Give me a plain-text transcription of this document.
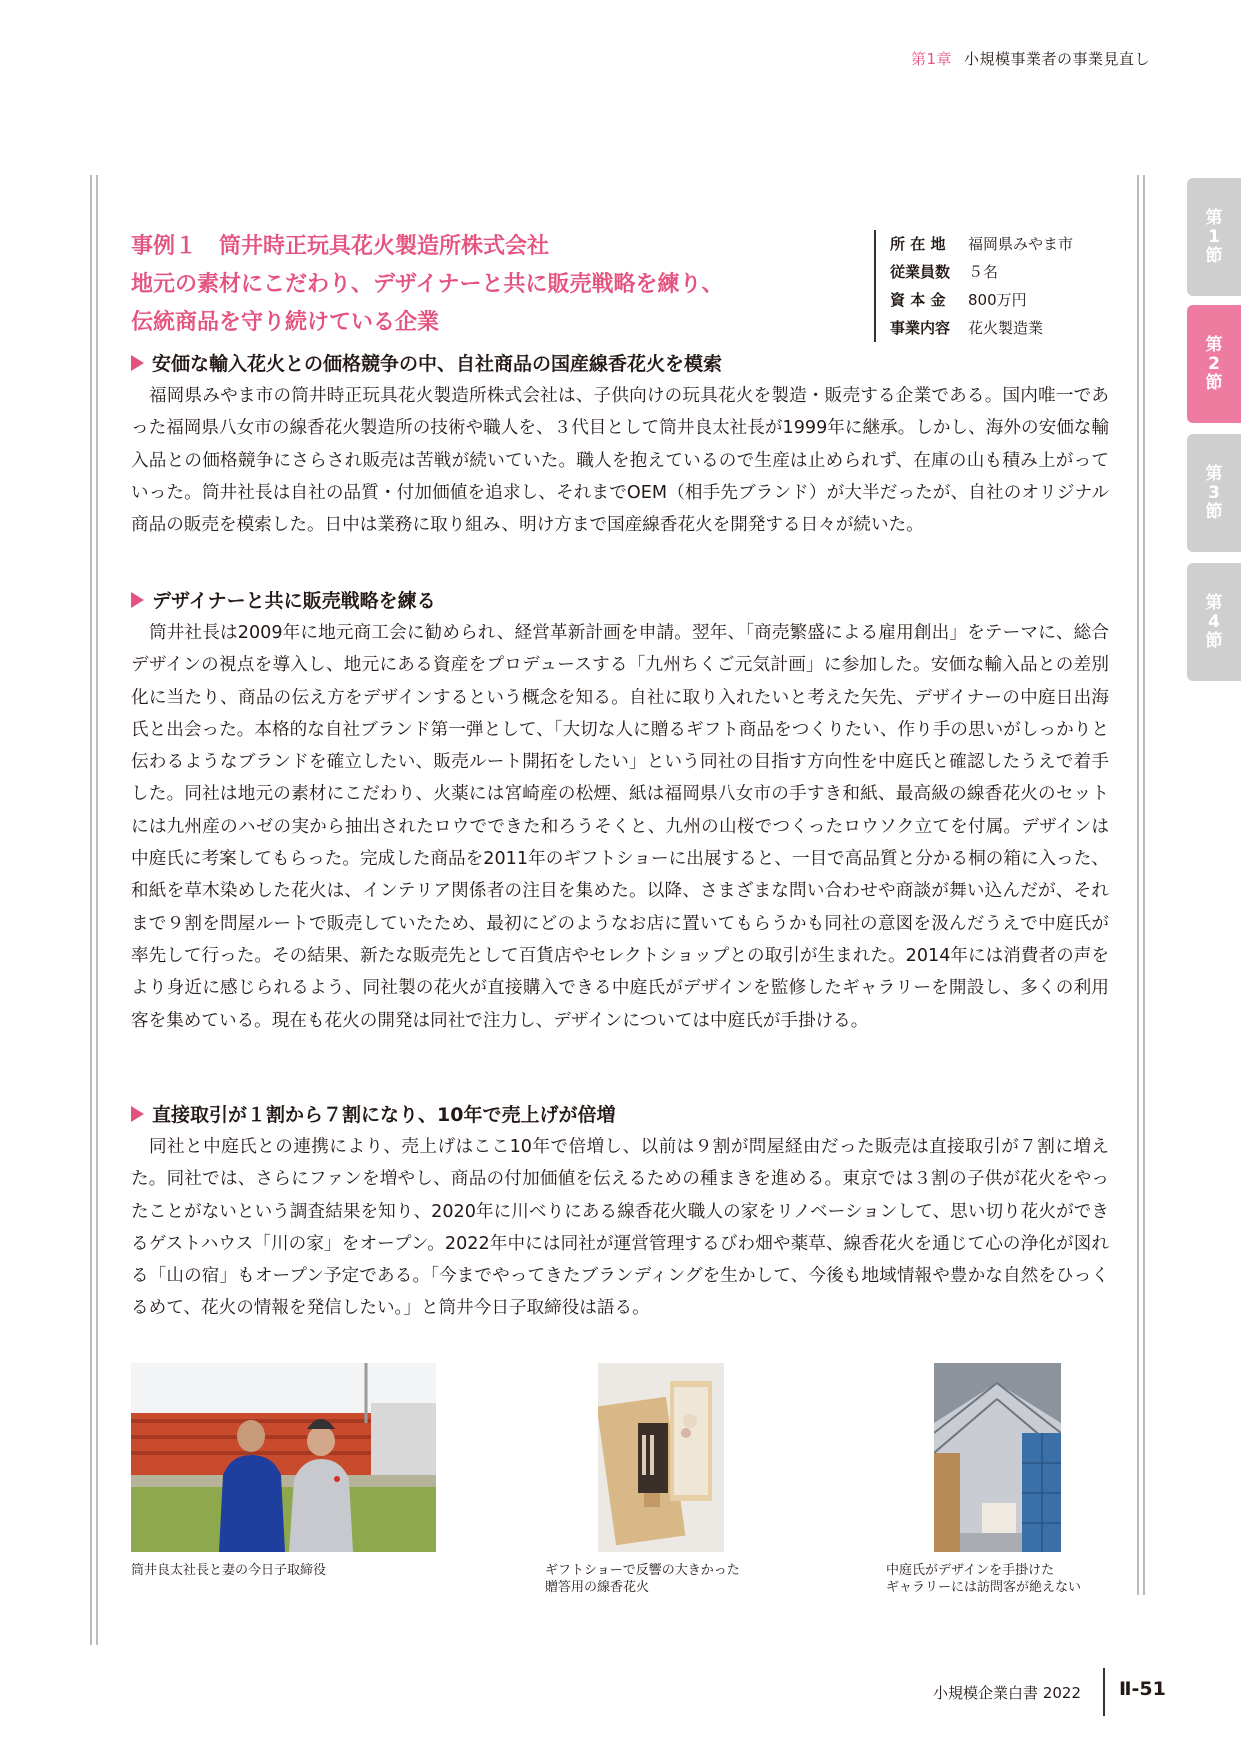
第1章 小規模事業者の事業見直し
第1節
第2節
第3節
第4節
事例１　筒井時正玩具花火製造所株式会社
地元の素材にこだわり、デザイナーと共に販売戦略を練り、
伝統商品を守り続けている企業
所 在 地 福岡県みやま市
従業員数 ５名
資 本 金 800万円
事業内容 花火製造業
安価な輸入花火との価格競争の中、自社商品の国産線香花火を模索
福岡県みやま市の筒井時正玩具花火製造所株式会社は、子供向けの玩具花火を製造・販売する企業である。国内唯一であった福岡県八女市の線香花火製造所の技術や職人を、３代目として筒井良太社長が1999年に継承。しかし、海外の安価な輸入品との価格競争にさらされ販売は苦戦が続いていた。職人を抱えているので生産は止められず、在庫の山も積み上がっていった。筒井社長は自社の品質・付加価値を追求し、それまでOEM（相手先ブランド）が大半だったが、自社のオリジナル商品の販売を模索した。日中は業務に取り組み、明け方まで国産線香花火を開発する日々が続いた。
デザイナーと共に販売戦略を練る
筒井社長は2009年に地元商工会に勧められ、経営革新計画を申請。翌年、「商売繁盛による雇用創出」をテーマに、総合デザインの視点を導入し、地元にある資産をプロデュースする「九州ちくご元気計画」に参加した。安価な輸入品との差別化に当たり、商品の伝え方をデザインするという概念を知る。自社に取り入れたいと考えた矢先、デザイナーの中庭日出海氏と出会った。本格的な自社ブランド第一弾として、「大切な人に贈るギフト商品をつくりたい、作り手の思いがしっかりと伝わるようなブランドを確立したい、販売ルート開拓をしたい」という同社の目指す方向性を中庭氏と確認したうえで着手した。同社は地元の素材にこだわり、火薬には宮崎産の松煙、紙は福岡県八女市の手すき和紙、最高級の線香花火のセットには九州産のハゼの実から抽出されたロウでできた和ろうそくと、九州の山桜でつくったロウソク立てを付属。デザインは中庭氏に考案してもらった。完成した商品を2011年のギフトショーに出展すると、一目で高品質と分かる桐の箱に入った、和紙を草木染めした花火は、インテリア関係者の注目を集めた。以降、さまざまな問い合わせや商談が舞い込んだが、それまで９割を問屋ルートで販売していたため、最初にどのようなお店に置いてもらうかも同社の意図を汲んだうえで中庭氏が率先して行った。その結果、新たな販売先として百貨店やセレクトショップとの取引が生まれた。2014年には消費者の声をより身近に感じられるよう、同社製の花火が直接購入できる中庭氏がデザインを監修したギャラリーを開設し、多くの利用客を集めている。現在も花火の開発は同社で注力し、デザインについては中庭氏が手掛ける。
直接取引が１割から７割になり、10年で売上げが倍増
同社と中庭氏との連携により、売上げはここ10年で倍増し、以前は９割が問屋経由だった販売は直接取引が７割に増えた。同社では、さらにファンを増やし、商品の付加価値を伝えるための種まきを進める。東京では３割の子供が花火をやったことがないという調査結果を知り、2020年に川べりにある線香花火職人の家をリノベーションして、思い切り花火ができるゲストハウス「川の家」をオープン。2022年中には同社が運営管理するびわ畑や薬草、線香花火を通じて心の浄化が図れる「山の宿」もオープン予定である。「今までやってきたブランディングを生かして、今後も地域情報や豊かな自然をひっくるめて、花火の情報を発信したい。」と筒井今日子取締役は語る。
筒井良太社長と妻の今日子取締役	ギフトショーで反響の大きかった
贈答用の線香花火
中庭氏がデザインを手掛けた
ギャラリーには訪問客が絶えない
小規模企業白書 2022 Ⅱ-51
